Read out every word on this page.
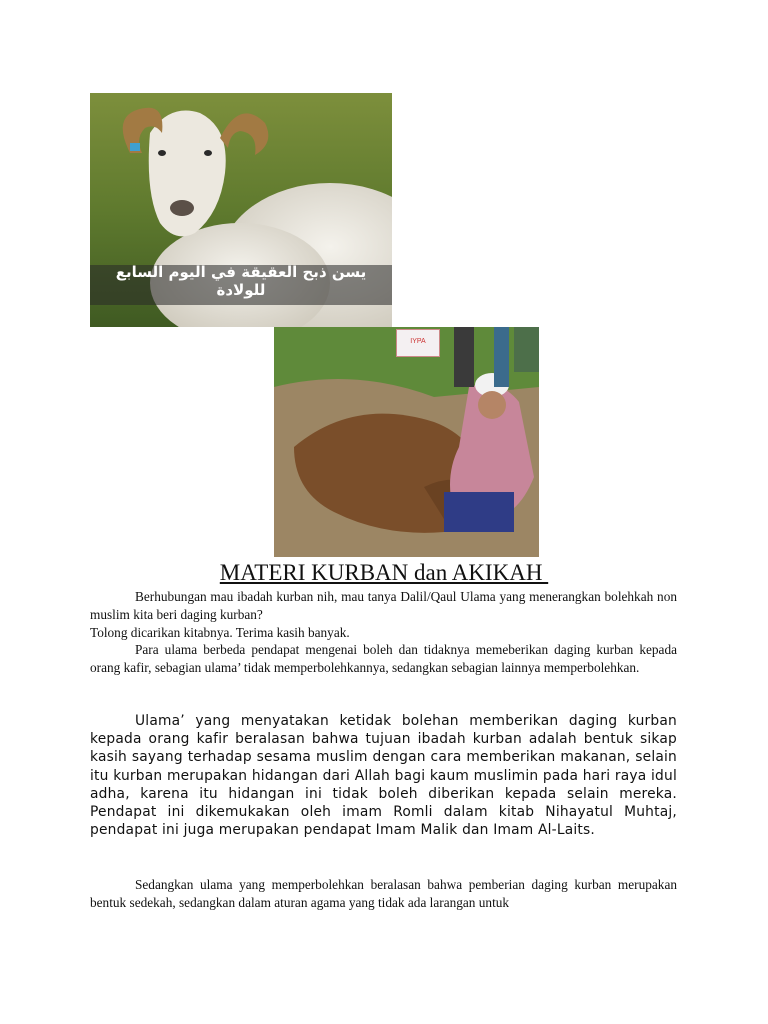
يسن ذبح العقيقة في اليوم السابع للولادة
IYPA
MATERI KURBAN dan AKIKAH

Berhubungan mau ibadah kurban nih, mau tanya Dalil/Qaul Ulama yang menerangkan bolehkah non muslim kita beri daging kurban?

Tolong dicarikan kitabnya. Terima kasih banyak.

Para ulama berbeda pendapat mengenai boleh dan tidaknya memeberikan daging kurban kepada orang kafir, sebagian ulama’ tidak memperbolehkannya, sedangkan sebagian lainnya memperbolehkan.

Ulama’ yang menyatakan ketidak bolehan memberikan daging kurban kepada orang kafir beralasan bahwa tujuan ibadah kurban adalah bentuk sikap kasih sayang terhadap sesama muslim dengan cara memberikan makanan, selain itu kurban merupakan hidangan dari Allah bagi kaum muslimin pada hari raya idul adha, karena itu hidangan ini tidak boleh diberikan kepada selain mereka. Pendapat ini dikemukakan oleh imam Romli dalam kitab Nihayatul Muhtaj, pendapat ini juga merupakan pendapat Imam Malik dan Imam Al-Laits.

Sedangkan ulama yang memperbolehkan beralasan bahwa pemberian daging kurban merupakan bentuk sedekah, sedangkan dalam aturan agama yang tidak ada larangan untuk
